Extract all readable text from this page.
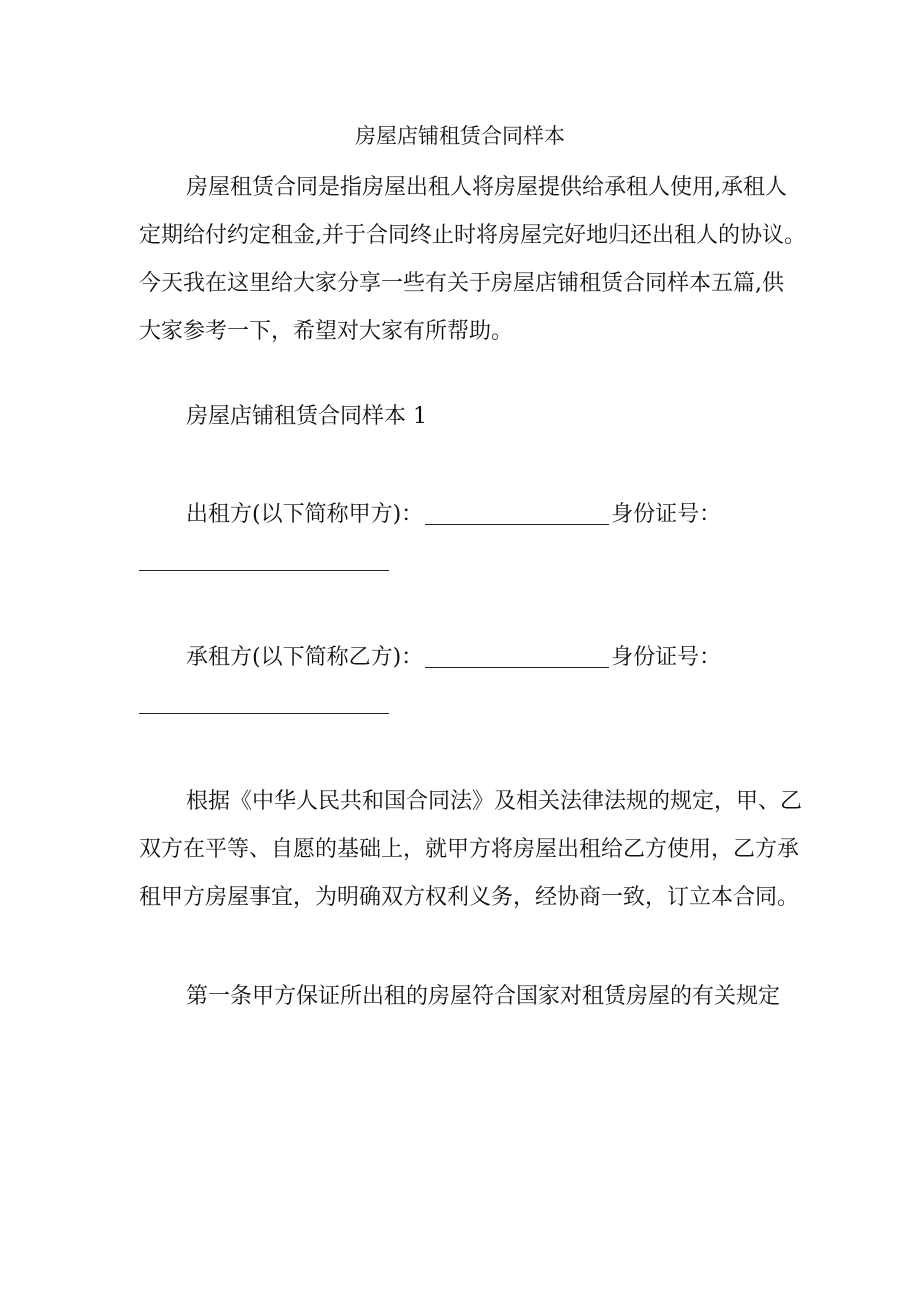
房屋店铺租赁合同样本
房屋租赁合同是指房屋出租人将房屋提供给承租人使用,承租人
定期给付约定租金,并于合同终止时将房屋完好地归还出租人的协议。
今天我在这里给大家分享一些有关于房屋店铺租赁合同样本五篇,供
大家参考一下，希望对大家有所帮助。
房屋店铺租赁合同样本 1
出租方(以下简称甲方)：	身份证号：
承租方(以下简称乙方)：	身份证号：
根据《中华人民共和国合同法》及相关法律法规的规定，甲、乙
双方在平等、自愿的基础上，就甲方将房屋出租给乙方使用，乙方承
租甲方房屋事宜，为明确双方权利义务，经协商一致，订立本合同。
第一条甲方保证所出租的房屋符合国家对租赁房屋的有关规定
